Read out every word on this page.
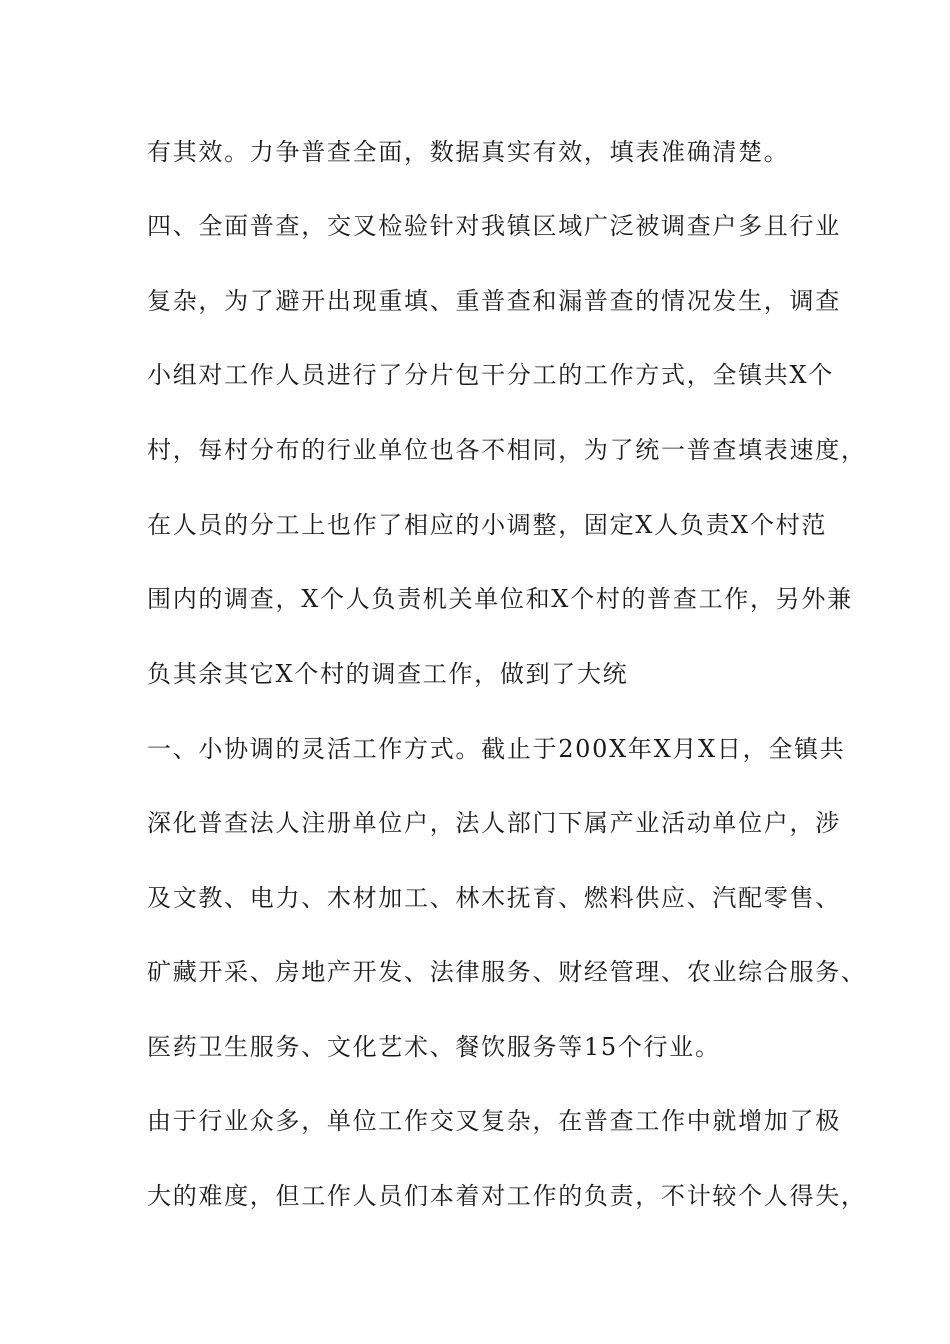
有其效。力争普查全面，数据真实有效，填表准确清楚。
四、全面普查，交叉检验针对我镇区域广泛被调查户多且行业
复杂，为了避开出现重填、重普查和漏普查的情况发生，调查
小组对工作人员进行了分片包干分工的工作方式，全镇共X个
村，每村分布的行业单位也各不相同，为了统一普查填表速度，
在人员的分工上也作了相应的小调整，固定X人负责X个村范
围内的调查，X个人负责机关单位和X个村的普查工作，另外兼
负其余其它X个村的调查工作，做到了大统
一、小协调的灵活工作方式。截止于200X年X月X日，全镇共
深化普查法人注册单位户，法人部门下属产业活动单位户，涉
及文教、电力、木材加工、林木抚育、燃料供应、汽配零售、
矿藏开采、房地产开发、法律服务、财经管理、农业综合服务、
医药卫生服务、文化艺术、餐饮服务等15个行业。
由于行业众多，单位工作交叉复杂，在普查工作中就增加了极
大的难度，但工作人员们本着对工作的负责，不计较个人得失，
